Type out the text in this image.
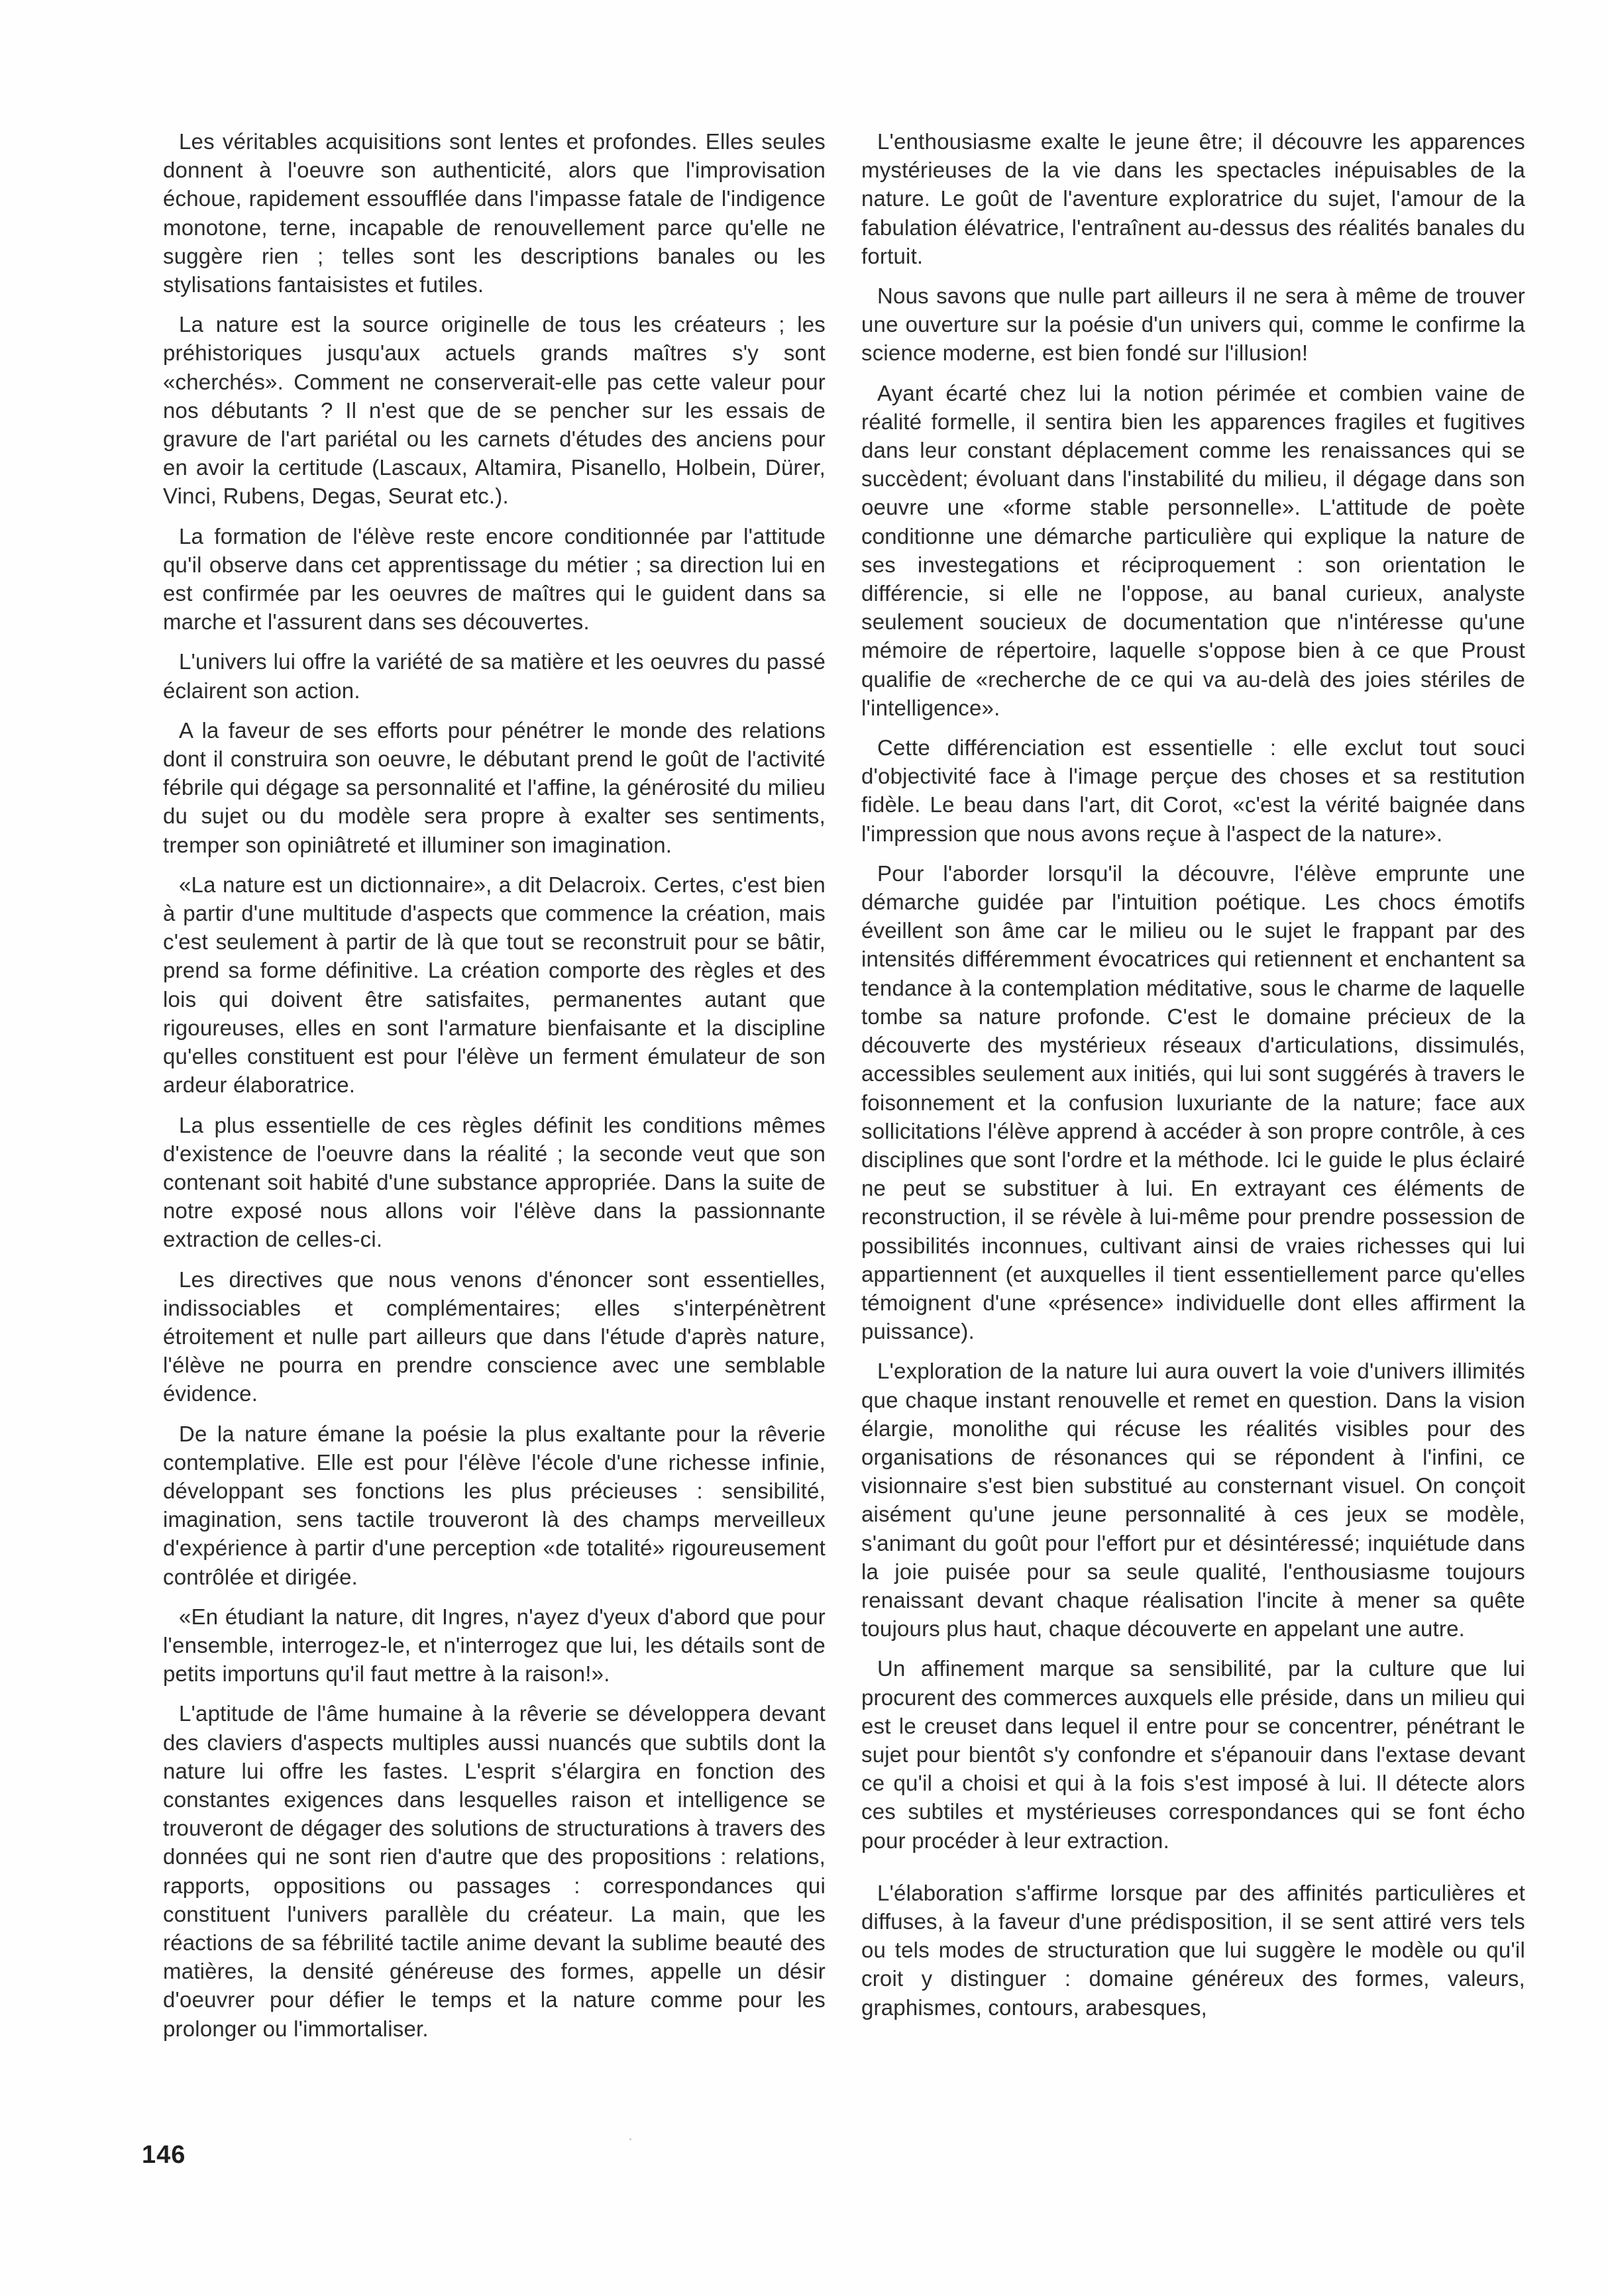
Les véritables acquisitions sont lentes et profondes. Elles seules donnent à l'oeuvre son authenticité, alors que l'improvisation échoue, rapidement essoufflée dans l'impasse fatale de l'indigence monotone, terne, incapable de renouvellement parce qu'elle ne suggère rien ; telles sont les descriptions banales ou les stylisations fantaisistes et futiles.

La nature est la source originelle de tous les créateurs ; les préhistoriques jusqu'aux actuels grands maîtres s'y sont «cherchés». Comment ne conserverait-elle pas cette valeur pour nos débutants ? Il n'est que de se pencher sur les essais de gravure de l'art pariétal ou les carnets d'études des anciens pour en avoir la certitude (Lascaux, Altamira, Pisanello, Holbein, Dürer, Vinci, Rubens, Degas, Seurat etc.).

La formation de l'élève reste encore conditionnée par l'attitude qu'il observe dans cet apprentissage du métier ; sa direction lui en est confirmée par les oeuvres de maîtres qui le guident dans sa marche et l'assurent dans ses découvertes.

L'univers lui offre la variété de sa matière et les oeuvres du passé éclairent son action.

A la faveur de ses efforts pour pénétrer le monde des relations dont il construira son oeuvre, le débutant prend le goût de l'activité fébrile qui dégage sa personnalité et l'affine, la générosité du milieu du sujet ou du modèle sera propre à exalter ses sentiments, tremper son opiniâtreté et illuminer son imagination.

«La nature est un dictionnaire», a dit Delacroix. Certes, c'est bien à partir d'une multitude d'aspects que commence la création, mais c'est seulement à partir de là que tout se reconstruit pour se bâtir, prend sa forme définitive. La création comporte des règles et des lois qui doivent être satisfaites, permanentes autant que rigoureuses, elles en sont l'armature bienfaisante et la discipline qu'elles constituent est pour l'élève un ferment émulateur de son ardeur élaboratrice.

La plus essentielle de ces règles définit les conditions mêmes d'existence de l'oeuvre dans la réalité ; la seconde veut que son contenant soit habité d'une substance appropriée. Dans la suite de notre exposé nous allons voir l'élève dans la passionnante extraction de celles-ci.

Les directives que nous venons d'énoncer sont essentielles, indissociables et complémentaires; elles s'interpénètrent étroitement et nulle part ailleurs que dans l'étude d'après nature, l'élève ne pourra en prendre conscience avec une semblable évidence.

De la nature émane la poésie la plus exaltante pour la rêverie contemplative. Elle est pour l'élève l'école d'une richesse infinie, développant ses fonctions les plus précieuses : sensibilité, imagination, sens tactile trouveront là des champs merveilleux d'expérience à partir d'une perception «de totalité» rigoureusement contrôlée et dirigée.

«En étudiant la nature, dit Ingres, n'ayez d'yeux d'abord que pour l'ensemble, interrogez-le, et n'interrogez que lui, les détails sont de petits importuns qu'il faut mettre à la raison!».

L'aptitude de l'âme humaine à la rêverie se développera devant des claviers d'aspects multiples aussi nuancés que subtils dont la nature lui offre les fastes. L'esprit s'élargira en fonction des constantes exigences dans lesquelles raison et intelligence se trouveront de dégager des solutions de structurations à travers des données qui ne sont rien d'autre que des propositions : relations, rapports, oppositions ou passages : correspondances qui constituent l'univers parallèle du créateur. La main, que les réactions de sa fébrilité tactile anime devant la sublime beauté des matières, la densité généreuse des formes, appelle un désir d'oeuvrer pour défier le temps et la nature comme pour les prolonger ou l'immortaliser.

L'enthousiasme exalte le jeune être; il découvre les apparences mystérieuses de la vie dans les spectacles inépuisables de la nature. Le goût de l'aventure exploratrice du sujet, l'amour de la fabulation élévatrice, l'entraînent au-dessus des réalités banales du fortuit.

Nous savons que nulle part ailleurs il ne sera à même de trouver une ouverture sur la poésie d'un univers qui, comme le confirme la science moderne, est bien fondé sur l'illusion!

Ayant écarté chez lui la notion périmée et combien vaine de réalité formelle, il sentira bien les apparences fragiles et fugitives dans leur constant déplacement comme les renaissances qui se succèdent; évoluant dans l'instabilité du milieu, il dégage dans son oeuvre une «forme stable personnelle». L'attitude de poète conditionne une démarche particulière qui explique la nature de ses investegations et réciproquement : son orientation le différencie, si elle ne l'oppose, au banal curieux, analyste seulement soucieux de documentation que n'intéresse qu'une mémoire de répertoire, laquelle s'oppose bien à ce que Proust qualifie de «recherche de ce qui va au-delà des joies stériles de l'intelligence».

Cette différenciation est essentielle : elle exclut tout souci d'objectivité face à l'image perçue des choses et sa restitution fidèle. Le beau dans l'art, dit Corot, «c'est la vérité baignée dans l'impression que nous avons reçue à l'aspect de la nature».

Pour l'aborder lorsqu'il la découvre, l'élève emprunte une démarche guidée par l'intuition poétique. Les chocs émotifs éveillent son âme car le milieu ou le sujet le frappant par des intensités différemment évocatrices qui retiennent et enchantent sa tendance à la contemplation méditative, sous le charme de laquelle tombe sa nature profonde. C'est le domaine précieux de la découverte des mystérieux réseaux d'articulations, dissimulés, accessibles seulement aux initiés, qui lui sont suggérés à travers le foisonnement et la confusion luxuriante de la nature; face aux sollicitations l'élève apprend à accéder à son propre contrôle, à ces disciplines que sont l'ordre et la méthode. Ici le guide le plus éclairé ne peut se substituer à lui. En extrayant ces éléments de reconstruction, il se révèle à lui-même pour prendre possession de possibilités inconnues, cultivant ainsi de vraies richesses qui lui appartiennent (et auxquelles il tient essentiellement parce qu'elles témoignent d'une «présence» individuelle dont elles affirment la puissance).

L'exploration de la nature lui aura ouvert la voie d'univers illimités que chaque instant renouvelle et remet en question. Dans la vision élargie, monolithe qui récuse les réalités visibles pour des organisations de résonances qui se répondent à l'infini, ce visionnaire s'est bien substitué au consternant visuel. On conçoit aisément qu'une jeune personnalité à ces jeux se modèle, s'animant du goût pour l'effort pur et désintéressé; inquiétude dans la joie puisée pour sa seule qualité, l'enthousiasme toujours renaissant devant chaque réalisation l'incite à mener sa quête toujours plus haut, chaque découverte en appelant une autre.

Un affinement marque sa sensibilité, par la culture que lui procurent des commerces auxquels elle préside, dans un milieu qui est le creuset dans lequel il entre pour se concentrer, pénétrant le sujet pour bientôt s'y confondre et s'épanouir dans l'extase devant ce qu'il a choisi et qui à la fois s'est imposé à lui. Il détecte alors ces subtiles et mystérieuses correspondances qui se font écho pour procéder à leur extraction.

L'élaboration s'affirme lorsque par des affinités particulières et diffuses, à la faveur d'une prédisposition, il se sent attiré vers tels ou tels modes de structuration que lui suggère le modèle ou qu'il croit y distinguer : domaine généreux des formes, valeurs, graphismes, contours, arabesques,

146
